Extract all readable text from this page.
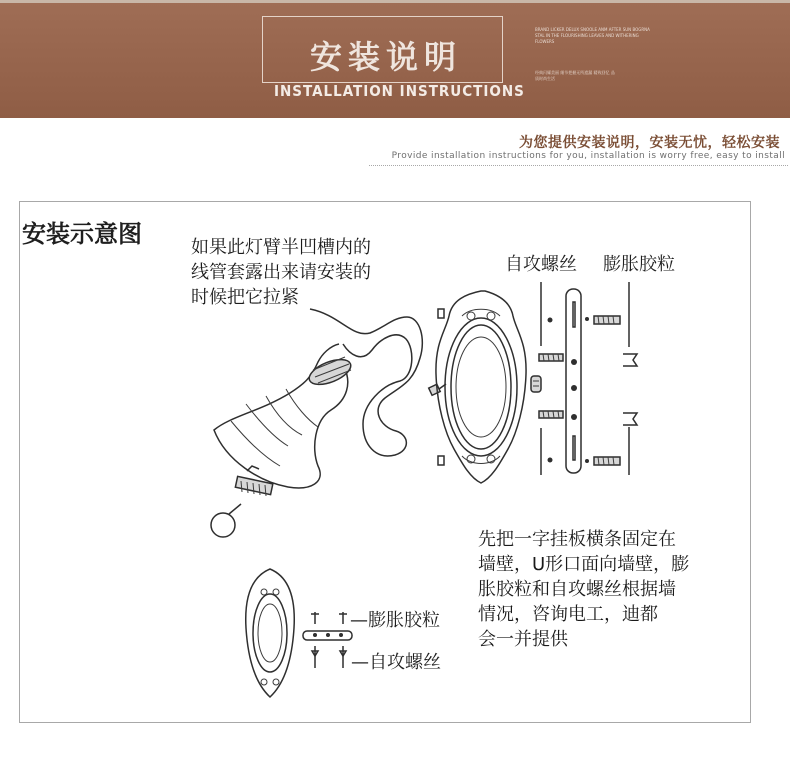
安装说明
INSTALLATION INSTRUCTIONS
BRAND LICKER DELUX SNOOLE ANM AFTER SUN BOGRNA STAL IN THE FLOURISHING LEAVES AND WITHERING FLOWERS
经典闪耀美丽 细节把握无所遗漏 精致回忆 品质时尚生活
为您提供安装说明，安装无忧，轻松安装
Provide installation instructions for you, installation is worry free, easy to install
安装示意图	如果此灯臂半凹槽内的
线管套露出来请安装的
时候把它拉紧
自攻螺丝 膨胀胶粒
先把一字挂板横条固定在
墙壁，U形口面向墙壁，膨
胀胶粒和自攻螺丝根据墙
情况，咨询电工，迪都
会一并提供
—膨胀胶粒
—自攻螺丝
